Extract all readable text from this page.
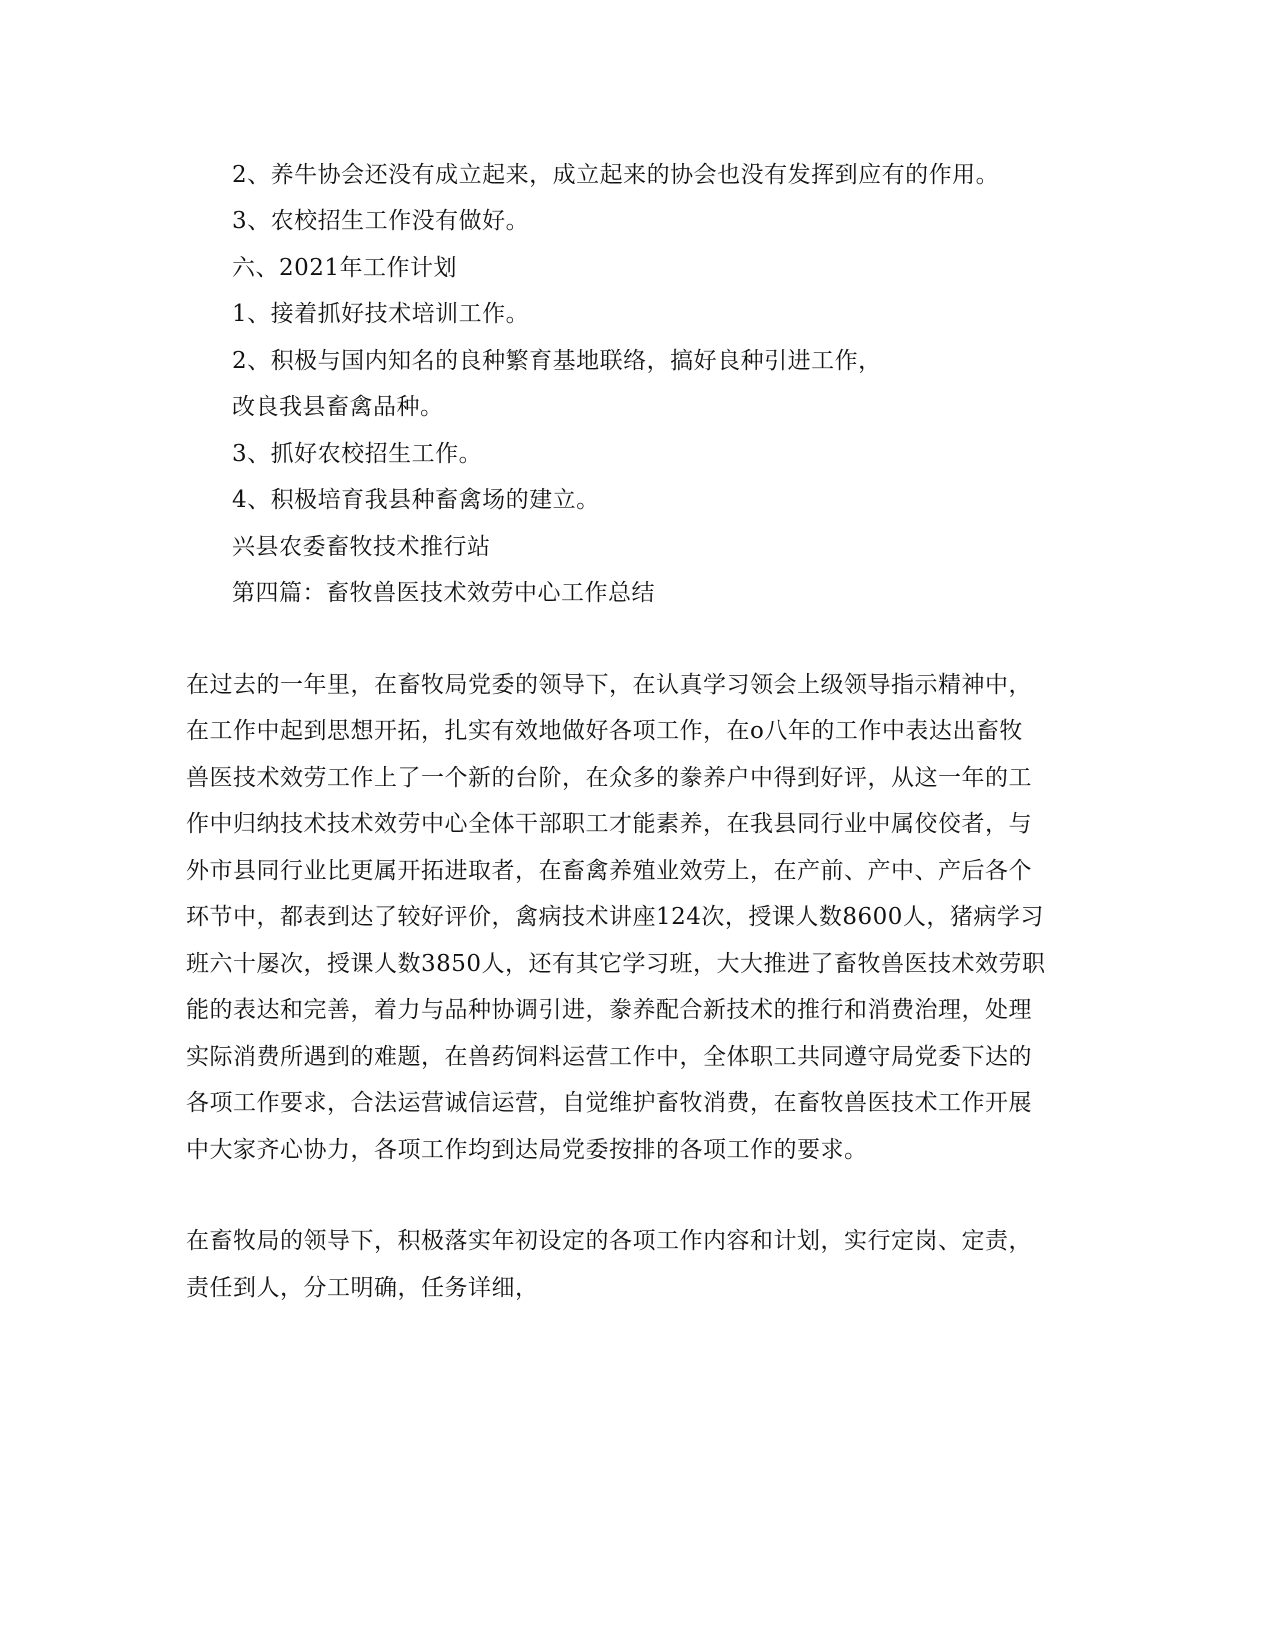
2、养牛协会还没有成立起来，成立起来的协会也没有发挥到应有的作用。
3、农校招生工作没有做好。
六、2021年工作计划
1、接着抓好技术培训工作。
2、积极与国内知名的良种繁育基地联络，搞好良种引进工作，
改良我县畜禽品种。
3、抓好农校招生工作。
4、积极培育我县种畜禽场的建立。
兴县农委畜牧技术推行站
第四篇：畜牧兽医技术效劳中心工作总结
在过去的一年里，在畜牧局党委的领导下，在认真学习领会上级领导指示精神中，
在工作中起到思想开拓，扎实有效地做好各项工作，在o八年的工作中表达出畜牧
兽医技术效劳工作上了一个新的台阶，在众多的豢养户中得到好评，从这一年的工
作中归纳技术技术效劳中心全体干部职工才能素养，在我县同行业中属佼佼者，与
外市县同行业比更属开拓进取者，在畜禽养殖业效劳上，在产前、产中、产后各个
环节中，都表到达了较好评价，禽病技术讲座124次，授课人数8600人，猪病学习
班六十屡次，授课人数3850人，还有其它学习班，大大推进了畜牧兽医技术效劳职
能的表达和完善，着力与品种协调引进，豢养配合新技术的推行和消费治理，处理
实际消费所遇到的难题，在兽药饲料运营工作中，全体职工共同遵守局党委下达的
各项工作要求，合法运营诚信运营，自觉维护畜牧消费，在畜牧兽医技术工作开展
中大家齐心协力，各项工作均到达局党委按排的各项工作的要求。
在畜牧局的领导下，积极落实年初设定的各项工作内容和计划，实行定岗、定责，
责任到人，分工明确，任务详细，
